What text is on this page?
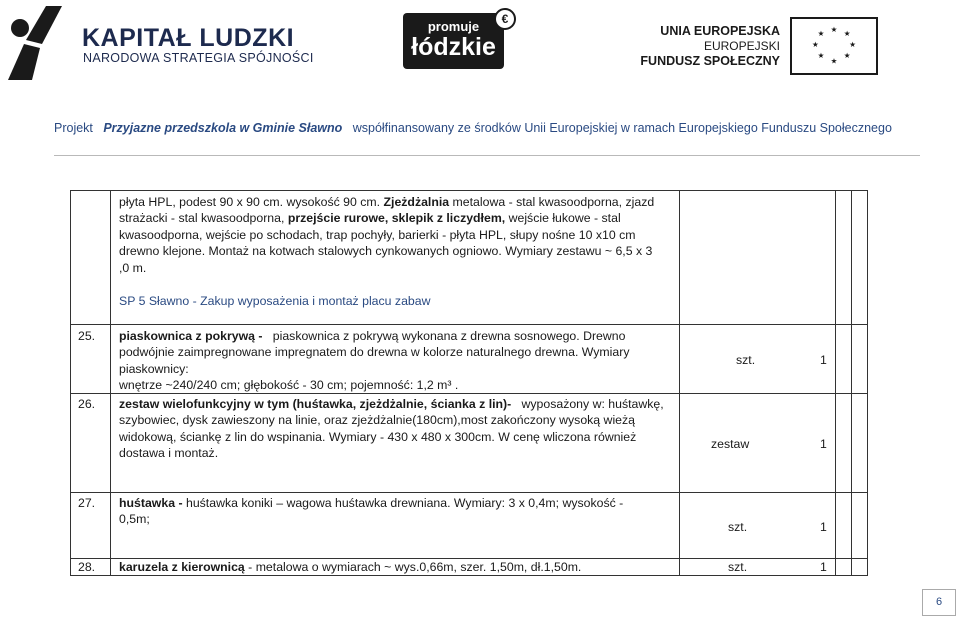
KAPITAŁ LUDZKI
NARODOWA STRATEGIA SPÓJNOŚCI
promuje
łódzkie
€
UNIA EUROPEJSKA
EUROPEJSKI
FUNDUSZ SPOŁECZNY
★ ★
★
★
★
★
★
★
Projekt Przyjazne przedszkola w Gminie Sławno współfinansowany ze środków Unii Europejskiej w ramach Europejskiego Funduszu Społecznego
płyta HPL, podest 90 x 90 cm. wysokość 90 cm. Zjeżdżalnia metalowa - stal kwasoodporna, zjazd
strażacki - stal kwasoodporna, przejście rurowe, sklepik z liczydłem, wejście łukowe - stal
kwasoodporna, wejście po schodach, trap pochyły, barierki - płyta HPL, słupy nośne 10 x10 cm
drewno klejone. Montaż na kotwach stalowych cynkowanych ogniowo. Wymiary zestawu ~ 6,5 x 3
,0 m.
SP 5 Sławno - Zakup wyposażenia i montaż placu zabaw
25. piaskownica z pokrywą - piaskownica z pokrywą wykonana z drewna sosnowego. Drewno
podwójnie zaimpregnowane impregnatem do drewna w kolorze naturalnego drewna. Wymiary
piaskownicy:
wnętrze ~240/240 cm; głębokość - 30 cm; pojemność: 1,2 m³ .
szt.	1
26. zestaw wielofunkcyjny w tym (huśtawka, zjeżdżalnie, ścianka z lin)- wyposażony w: huśtawkę,
szybowiec, dysk zawieszony na linie, oraz zjeżdżalnie(180cm),most zakończony wysoką wieżą
widokową, ściankę z lin do wspinania. Wymiary - 430 x 480 x 300cm. W cenę wliczona również
dostawa i montaż.
zestaw	1
27. huśtawka - huśtawka koniki – wagowa huśtawka drewniana. Wymiary: 3 x 0,4m; wysokość -
0,5m;
szt.	1
28. karuzela z kierownicą - metalowa o wymiarach ~ wys.0,66m, szer. 1,50m, dł.1,50m.	szt.	1
6
